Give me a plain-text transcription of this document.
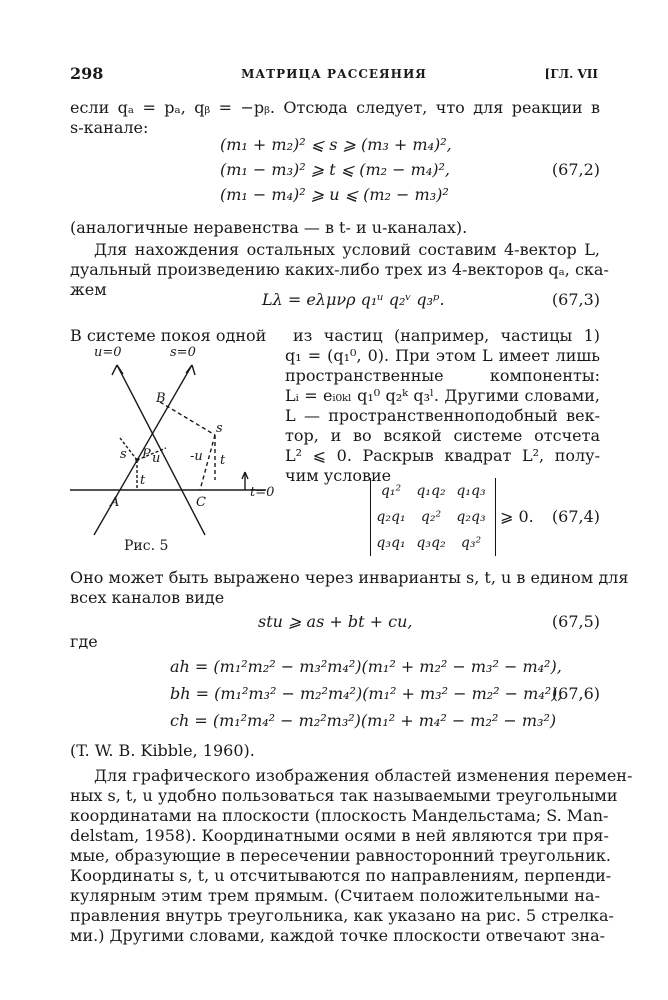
298	МАТРИЦА РАССЕЯНИЯ	[ГЛ. VII
если qₐ = pₐ, qᵦ = −pᵦ. Отсюда следует, что для реакции в
s-канале:
(m₁ + m₂)² ⩽ s ⩾ (m₃ + m₄)²,
(m₁ − m₃)² ⩾ t ⩽ (m₂ − m₄)²,
(m₁ − m₄)² ⩾ u ⩽ (m₂ − m₃)²
(67,2)
(аналогичные неравенства — в t- и u-каналах).
Для нахождения остальных условий составим 4-вектор L,
дуальный произведению каких-либо трех из 4-векторов qₐ, ска-
жем
Lλ = eλμνρ q₁ᵘ q₂ᵛ q₃ᵖ.	(67,3)
В системе покоя одной	из частиц (например, частицы 1)
q₁ = (q₁⁰, 0). При этом L имеет лишь
пространственные компоненты:
Lᵢ = eᵢ₀ₖₗ q₁⁰ q₂ᵏ q₃ˡ. Другими словами,
L — пространственноподобный век-
тор, и во всякой системе отсчета
L² ⩽ 0. Раскрыв квадрат L², полу-
чим условие
u=0	s=0
t=0
A
B
C
P
s
s u -u
t
t
Рис. 5
q₁²	q₁q₂	q₁q₃
q₂q₁	q₂²	q₂q₃
q₃q₁	q₃q₂	q₃²
⩾ 0. (67,4)
Оно может быть выражено через инварианты s, t, u в едином для
всех каналов виде
stu ⩾ as + bt + cu,	(67,5)
где
ah = (m₁²m₂² − m₃²m₄²)(m₁² + m₂² − m₃² − m₄²),
bh = (m₁²m₃² − m₂²m₄²)(m₁² + m₃² − m₂² − m₄²),
ch = (m₁²m₄² − m₂²m₃²)(m₁² + m₄² − m₂² − m₃²)
(67,6)
(T. W. B. Kibble, 1960).
Для графического изображения областей изменения перемен-
ных s, t, u удобно пользоваться так называемыми треугольными
координатами на плоскости (плоскость Мандельстама; S. Man-
delstam, 1958). Координатными осями в ней являются три пря-
мые, образующие в пересечении равносторонний треугольник.
Координаты s, t, u отсчитываются по направлениям, перпенди-
кулярным этим трем прямым. (Считаем положительными на-
правления внутрь треугольника, как указано на рис. 5 стрелка-
ми.) Другими словами, каждой точке плоскости отвечают зна-
